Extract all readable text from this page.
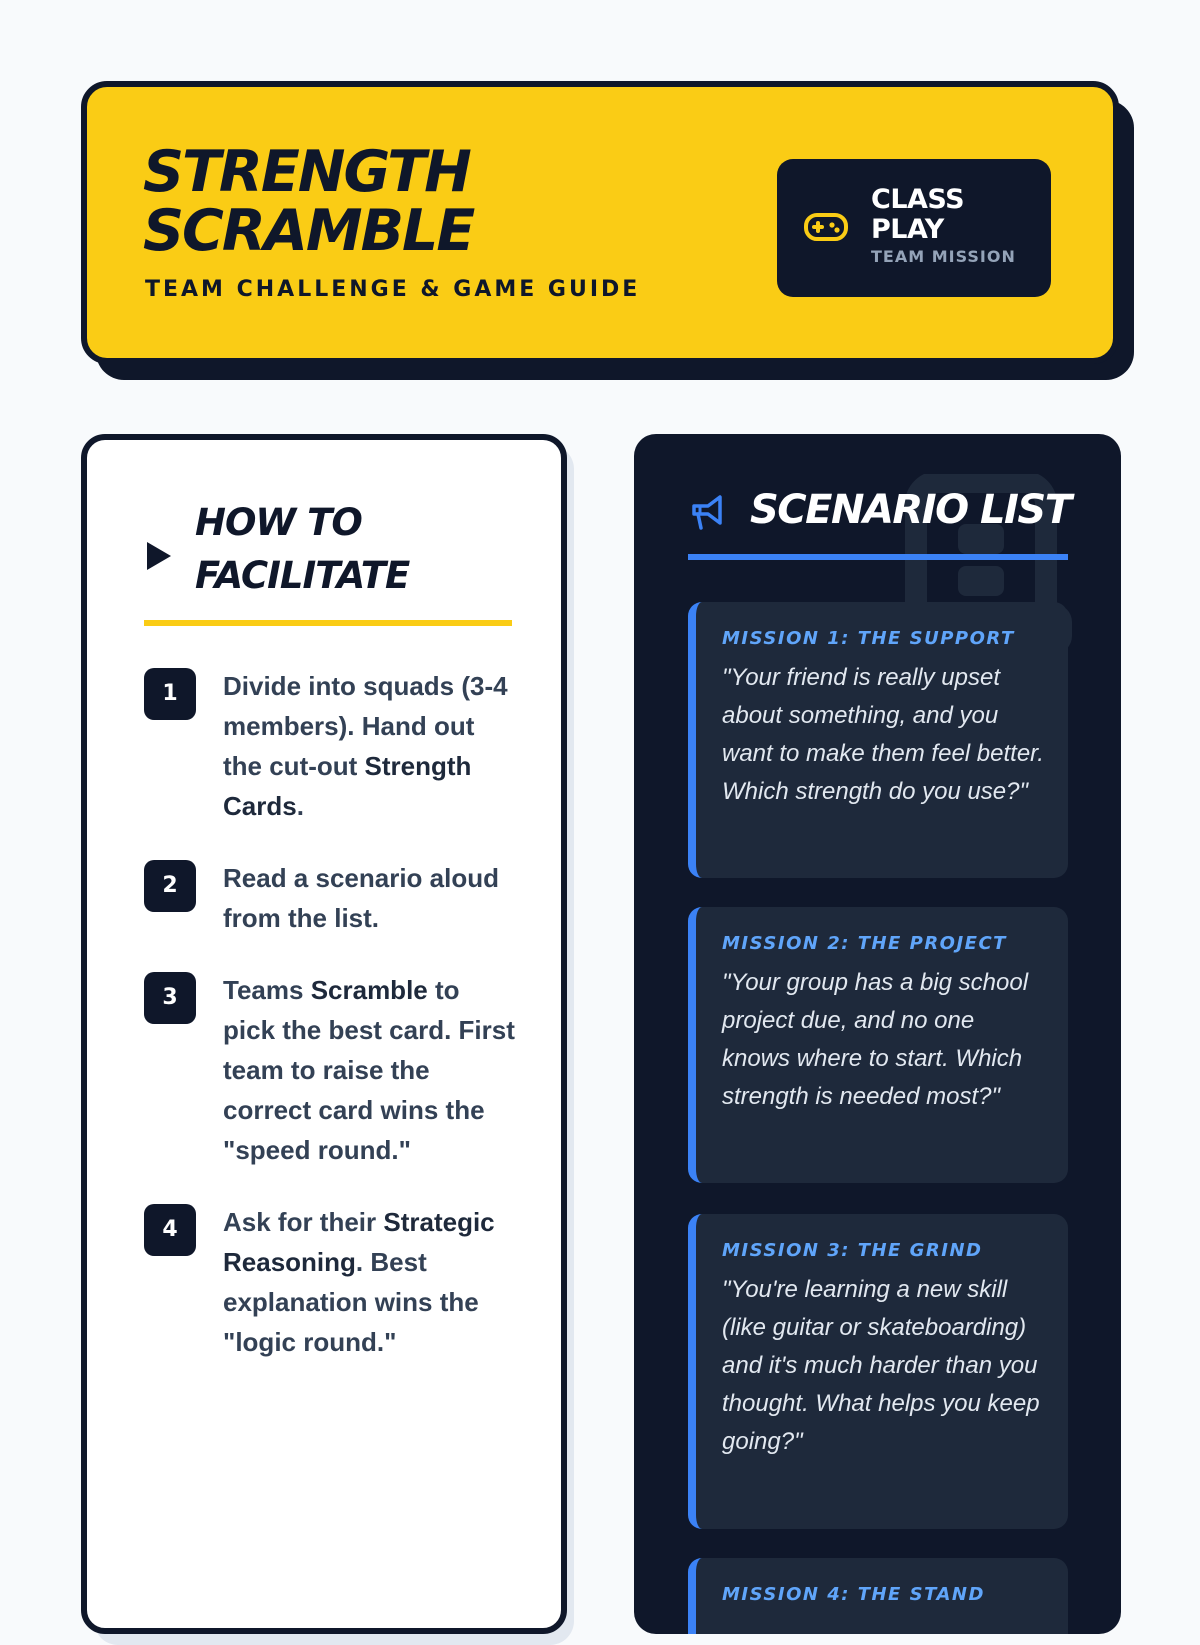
STRENGTH
SCRAMBLE
TEAM CHALLENGE & GAME GUIDE
CLASS
PLAY
TEAM MISSION
HOW TO
FACILITATE
1	Divide into squads (3-4 members). Hand out the cut-out Strength Cards.
2	Read a scenario aloud from the list.
3	Teams Scramble to pick the best card. First team to raise the correct card wins the "speed round."
4	Ask for their Strategic Reasoning. Best explanation wins the "logic round."
SCENARIO LIST
MISSION 1: THE SUPPORT
"Your friend is really upset about something, and you want to make them feel better. Which strength do you use?"
MISSION 2: THE PROJECT
"Your group has a big school project due, and no one knows where to start. Which strength is needed most?"
MISSION 3: THE GRIND
"You're learning a new skill (like guitar or skateboarding) and it's much harder than you thought. What helps you keep going?"
MISSION 4: THE STAND
